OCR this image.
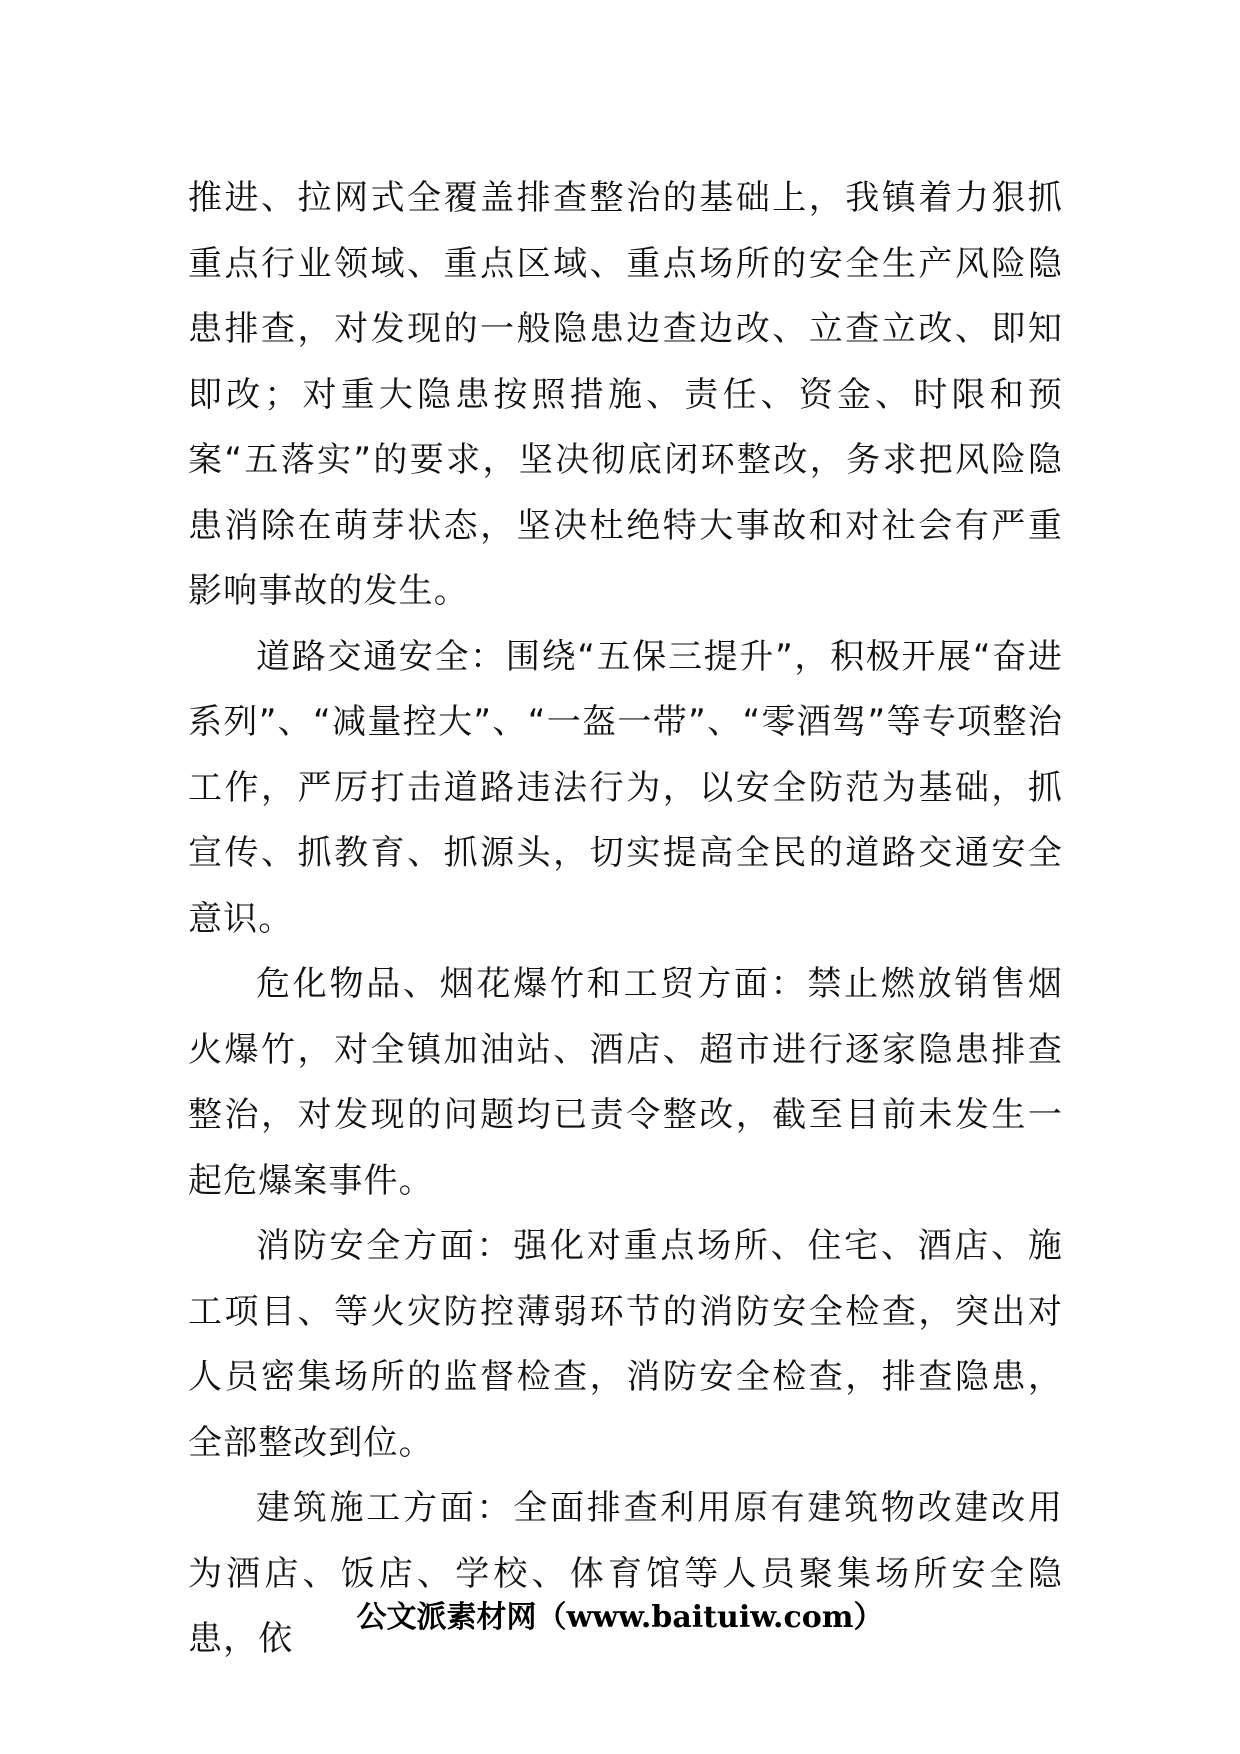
推进、拉网式全覆盖排查整治的基础上，我镇着力狠抓重点行业领域、重点区域、重点场所的安全生产风险隐患排查，对发现的一般隐患边查边改、立查立改、即知即改；对重大隐患按照措施、责任、资金、时限和预案“五落实”的要求，坚决彻底闭环整改，务求把风险隐患消除在萌芽状态，坚决杜绝特大事故和对社会有严重影响事故的发生。

道路交通安全：围绕“五保三提升”，积极开展“奋进系列”、“减量控大”、“一盔一带”、“零酒驾”等专项整治工作，严厉打击道路违法行为，以安全防范为基础，抓宣传、抓教育、抓源头，切实提高全民的道路交通安全意识。

危化物品、烟花爆竹和工贸方面：禁止燃放销售烟火爆竹，对全镇加油站、酒店、超市进行逐家隐患排查整治，对发现的问题均已责令整改，截至目前未发生一起危爆案事件。

消防安全方面：强化对重点场所、住宅、酒店、施工项目、等火灾防控薄弱环节的消防安全检查，突出对人员密集场所的监督检查，消防安全检查，排查隐患，全部整改到位。

建筑施工方面：全面排查利用原有建筑物改建改用为酒店、饭店、学校、体育馆等人员聚集场所安全隐患，依

公文派素材网（www.baituiw.com）
